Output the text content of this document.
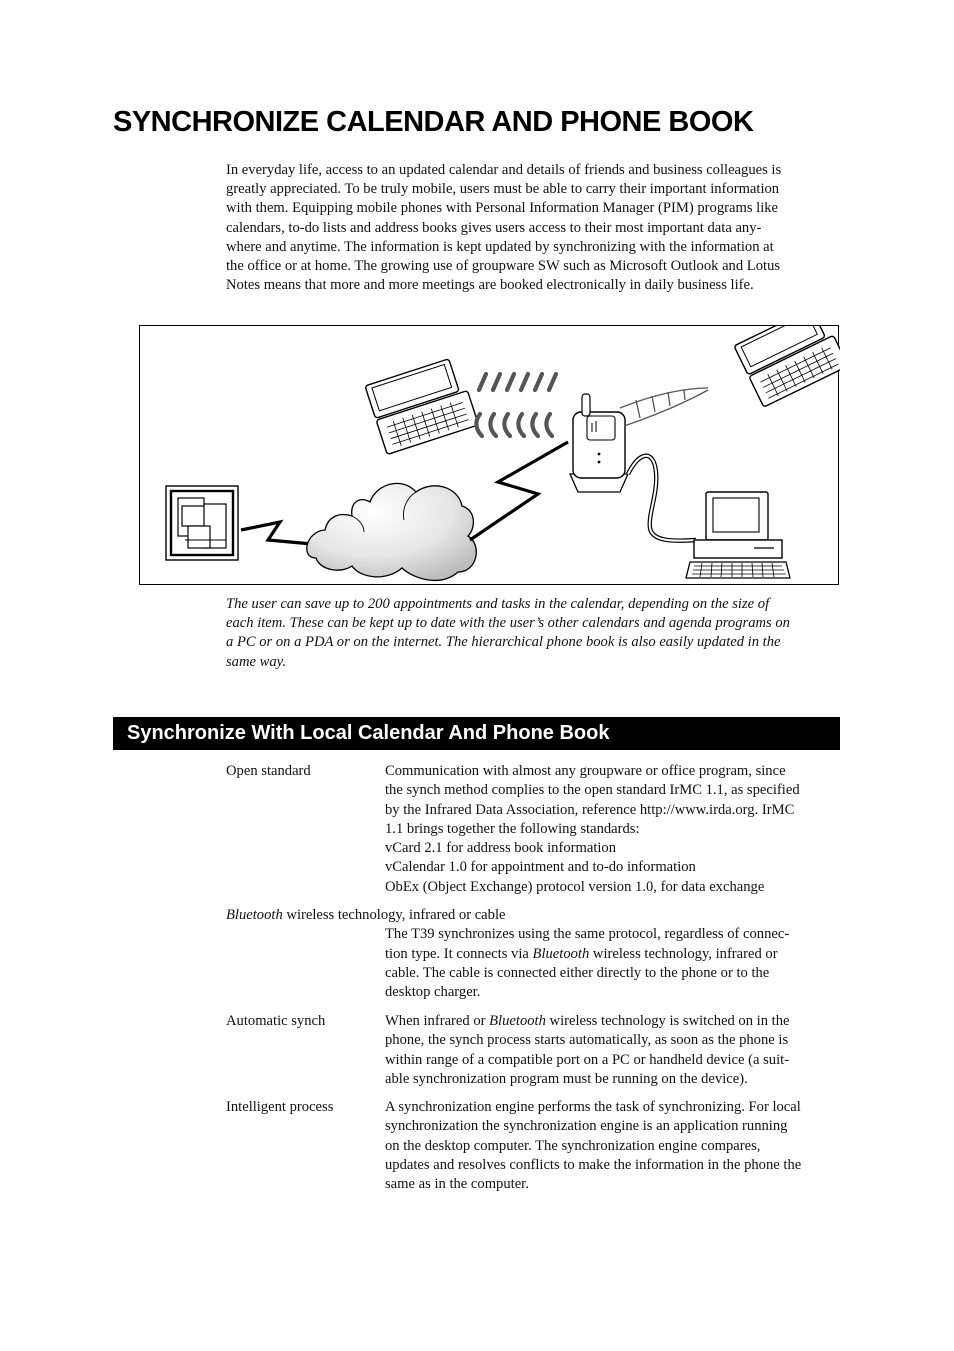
SYNCHRONIZE CALENDAR AND PHONE BOOK
In everyday life, access to an updated calendar and details of friends and business colleagues is
greatly appreciated. To be truly mobile, users must be able to carry their important information
with them. Equipping mobile phones with Personal Information Manager (PIM) programs like
calendars, to-do lists and address books gives users access to their most important data any-
where and anytime. The information is kept updated by synchronizing with the information at
the office or at home. The growing use of groupware SW such as Microsoft Outlook and Lotus
Notes means that more and more meetings are booked electronically in daily business life.
The user can save up to 200 appointments and tasks in the calendar, depending on the size of
each item. These can be kept up to date with the user’s other calendars and agenda programs on
a PC or on a PDA or on the internet. The hierarchical phone book is also easily updated in the
same way.
Synchronize With Local Calendar And Phone Book
Open standard	Communication with almost any groupware or office program, since
the synch method complies to the open standard IrMC 1.1, as specified
by the Infrared Data Association, reference http://www.irda.org. IrMC
1.1 brings together the following standards:
vCard 2.1 for address book information
vCalendar 1.0 for appointment and to-do information
ObEx (Object Exchange) protocol version 1.0, for data exchange
Bluetooth wireless technology, infrared or cable
The T39 synchronizes using the same protocol, regardless of connec-
tion type. It connects via Bluetooth wireless technology, infrared or
cable. The cable is connected either directly to the phone or to the
desktop charger.
Automatic synch	When infrared or Bluetooth wireless technology is switched on in the
phone, the synch process starts automatically, as soon as the phone is
within range of a compatible port on a PC or handheld device (a suit-
able synchronization program must be running on the device).
Intelligent process	A synchronization engine performs the task of synchronizing. For local
synchronization the synchronization engine is an application running
on the desktop computer. The synchronization engine compares,
updates and resolves conflicts to make the information in the phone the
same as in the computer.
